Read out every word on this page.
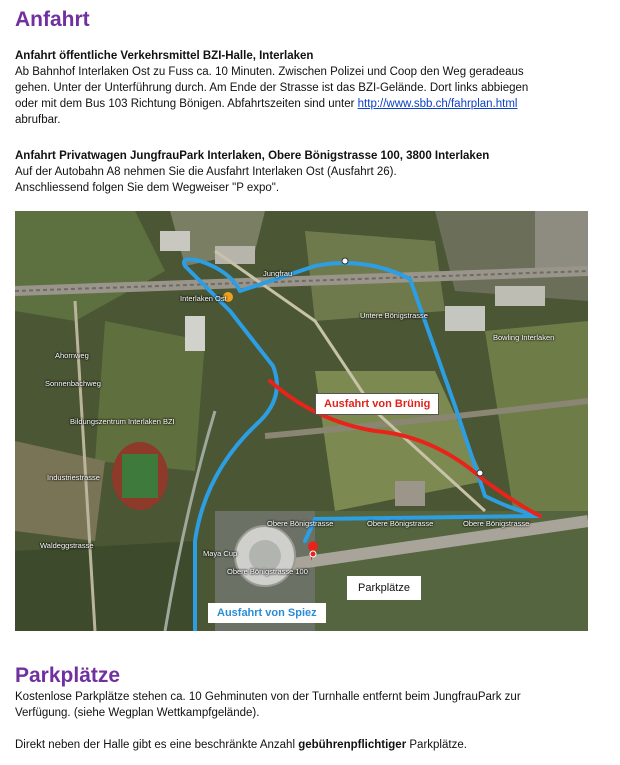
Anfahrt
Anfahrt öffentliche Verkehrsmittel BZI-Halle, Interlaken
Ab Bahnhof Interlaken Ost zu Fuss ca. 10 Minuten. Zwischen Polizei und Coop den Weg geradeaus
gehen. Unter der Unterführung durch. Am Ende der Strasse ist das BZI-Gelände. Dort links abbiegen
oder mit dem Bus 103 Richtung Bönigen. Abfahrtszeiten sind unter http://www.sbb.ch/fahrplan.html
abrufbar.
Anfahrt Privatwagen JungfrauPark Interlaken, Obere Bönigstrasse 100, 3800 Interlaken
Auf der Autobahn A8 nehmen Sie die Ausfahrt Interlaken Ost (Ausfahrt 26).
Anschliessend folgen Sie dem Wegweiser "P expo".
Jungfrau
Untere Bönigstrasse
Bowling Interlaken
Bildungszentrum Interlaken BZI
Obere Bönigstrasse	Obere Bönigstrasse	Obere Bönigstrasse
Obere Bönigstrasse 100
Maya Cup
Interlaken Ost
Sonnenbachweg
Ahornweg
Industriestrasse
Waldeggstrasse
Ausfahrt von Brünig
Ausfahrt von Spiez
Parkplätze
Parkplätze
Kostenlose Parkplätze stehen ca. 10 Gehminuten von der Turnhalle entfernt beim JungfrauPark zur
Verfügung. (siehe Wegplan Wettkampfgelände).
Direkt neben der Halle gibt es eine beschränkte Anzahl gebührenpflichtiger Parkplätze.
